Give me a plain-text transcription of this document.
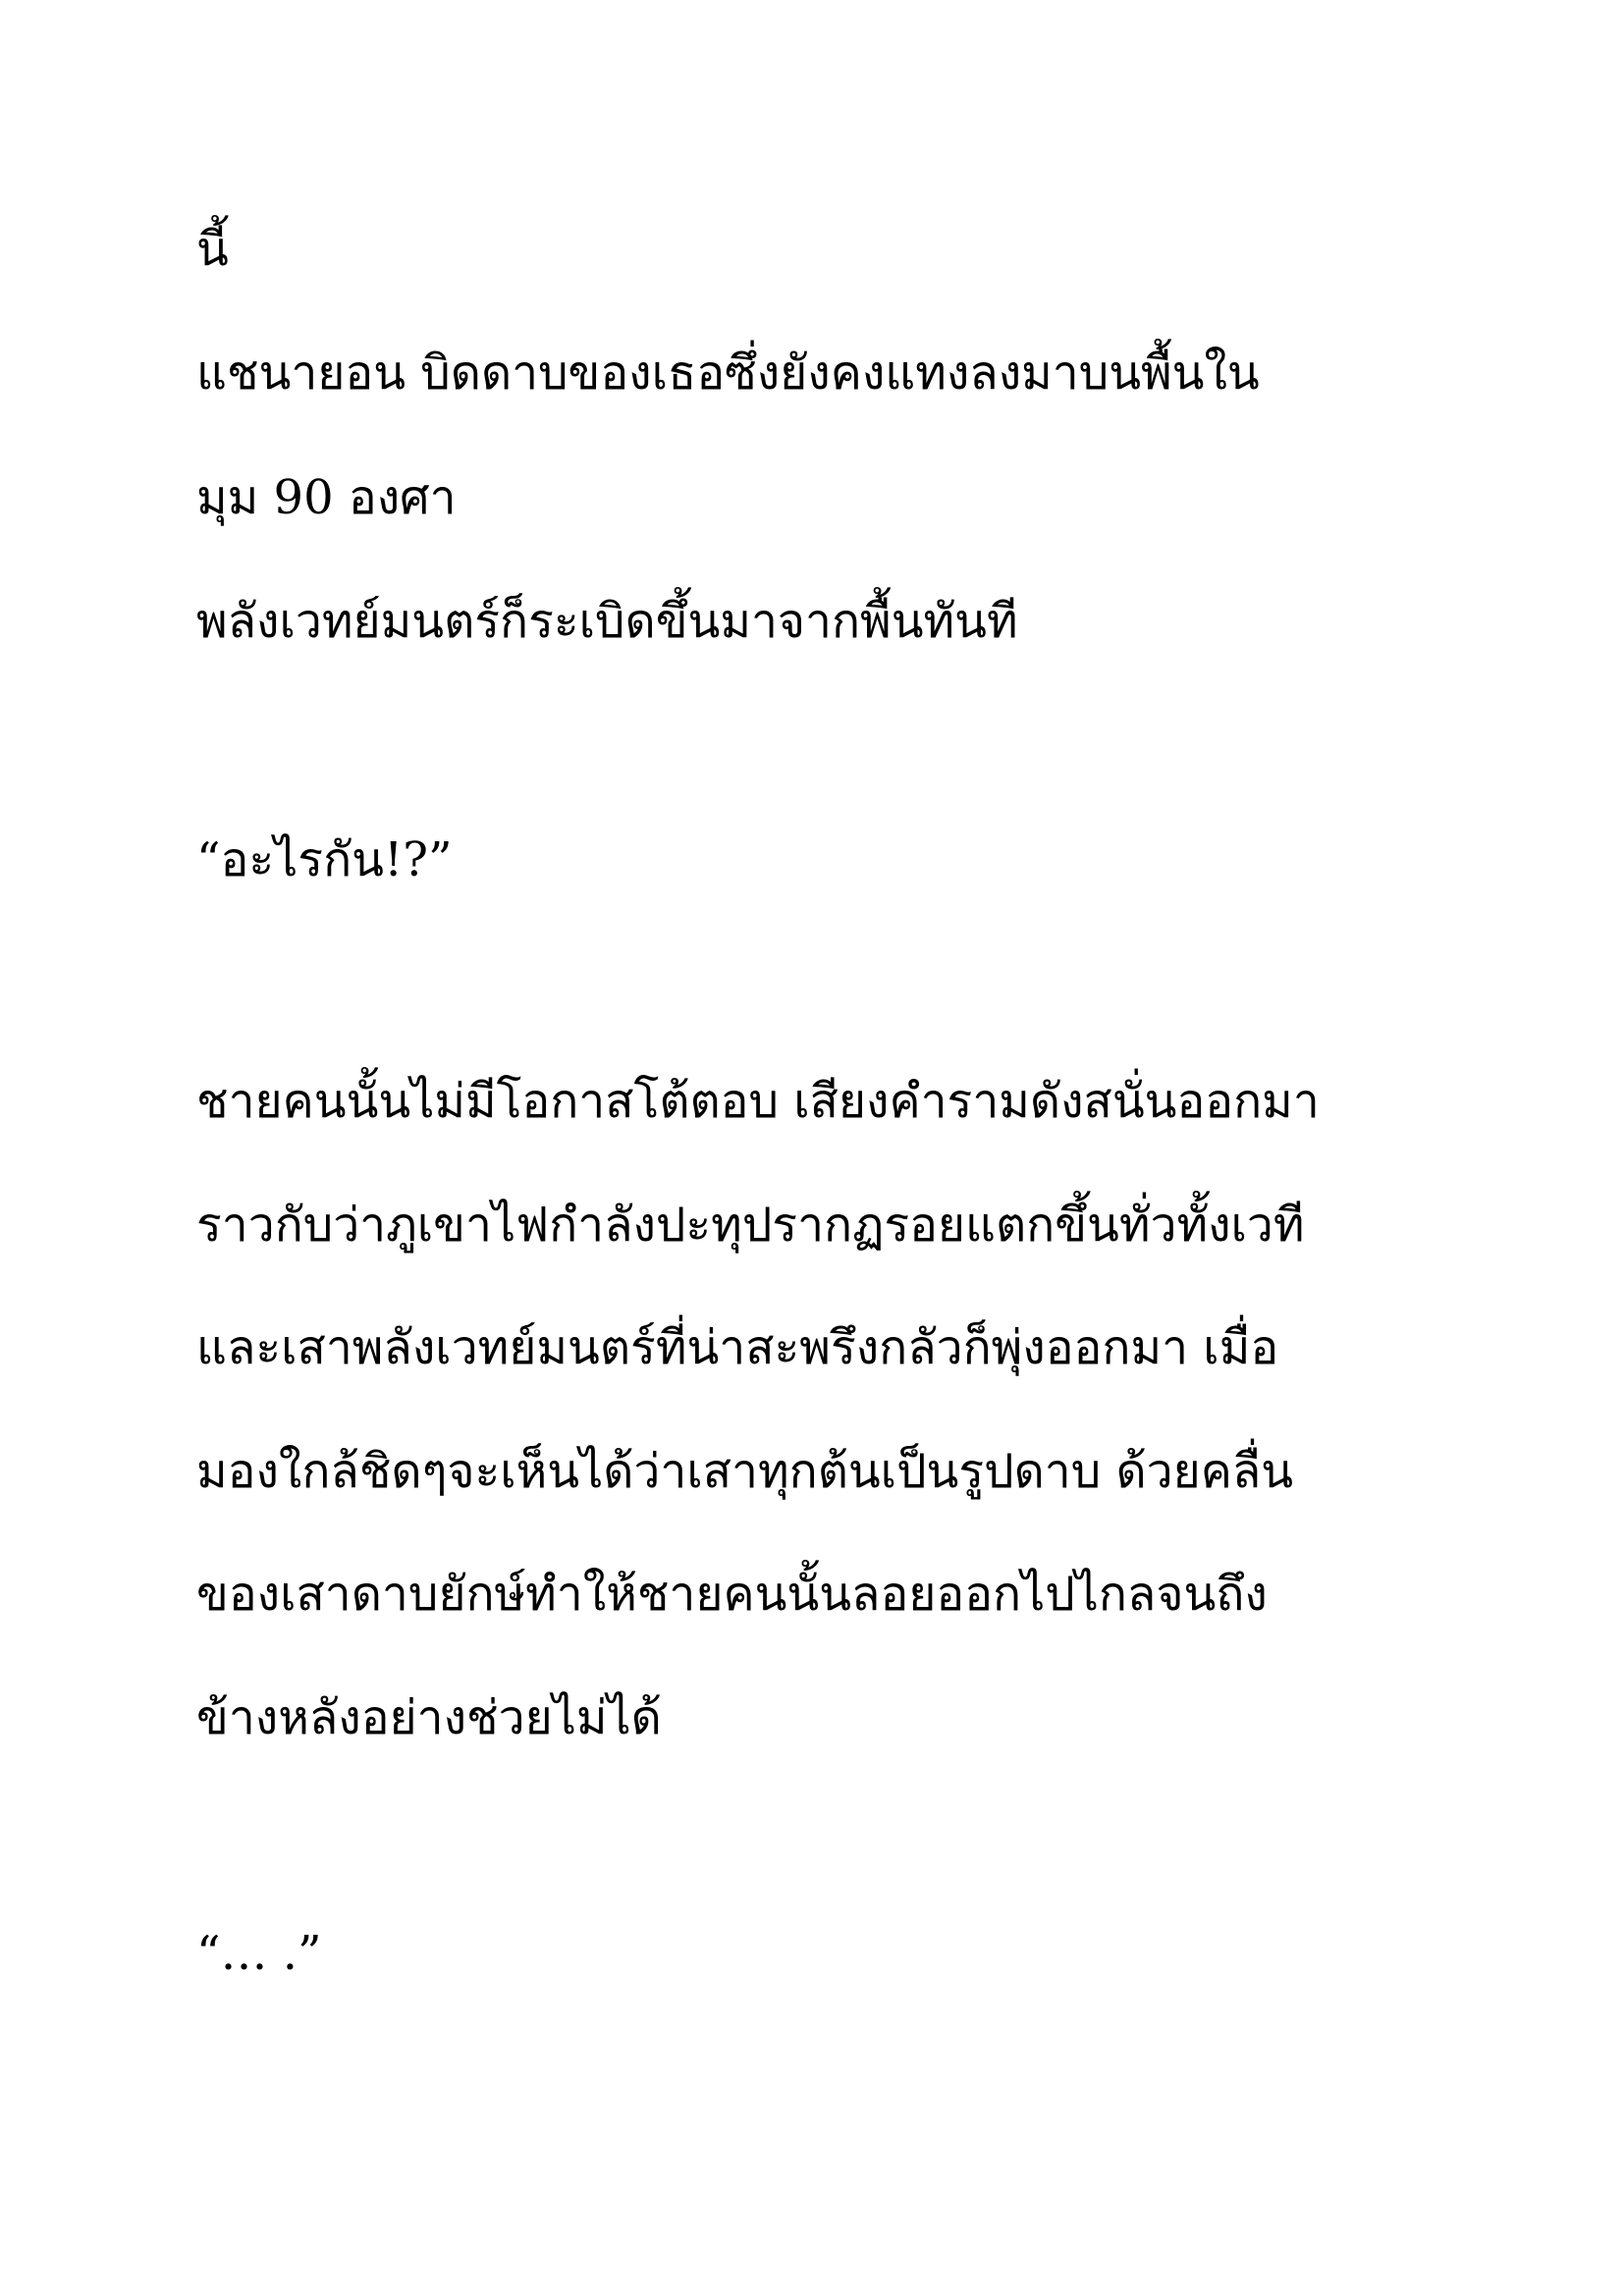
นี้
แชนายอน บิดดาบของเธอซึ่งยังคงแทงลงมาบนพื้นใน
มุม 90 องศา
พลังเวทย์มนตร์ก็ระเบิดขึ้นมาจากพื้นทันที
“อะไรกัน!?”
ชายคนนั้นไม่มีโอกาสโต้ตอบ เสียงคำรามดังสนั่นออกมา
ราวกับว่าภูเขาไฟกำลังปะทุปรากฏรอยแตกขึ้นทั่วทั้งเวที
และเสาพลังเวทย์มนตร์ที่น่าสะพรึงกลัวก็พุ่งออกมา เมื่อ
มองใกล้ชิดๆจะเห็นได้ว่าเสาทุกต้นเป็นรูปดาบ ด้วยคลื่น
ของเสาดาบยักษ์ทำให้ชายคนนั้นลอยออกไปไกลจนถึง
ข้างหลังอย่างช่วยไม่ได้
“… .”
